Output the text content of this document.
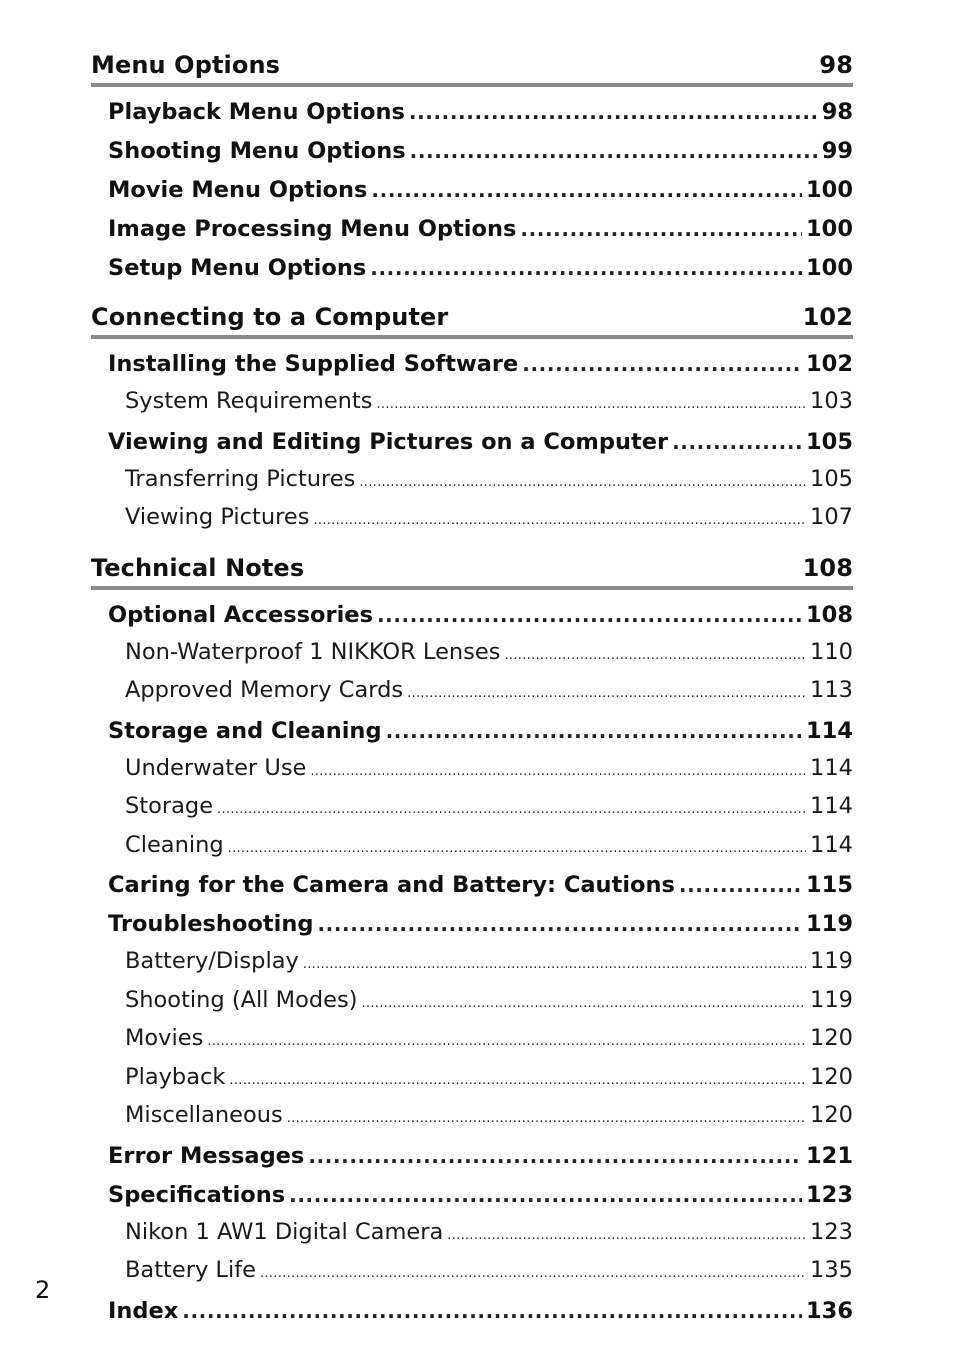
Menu Options	98
Playback Menu Options .....	98
Shooting Menu Options .....	99
Movie Menu Options .....	100
Image Processing Menu Options .....	100
Setup Menu Options .....	100
Connecting to a Computer	102
Installing the Supplied Software .....	102
System Requirements .....	103
Viewing and Editing Pictures on a Computer .....	105
Transferring Pictures .....	105
Viewing Pictures .....	107
Technical Notes	108
Optional Accessories .....	108
Non-Waterproof 1 NIKKOR Lenses .....	110
Approved Memory Cards .....	113
Storage and Cleaning .....	114
Underwater Use .....	114
Storage .....	114
Cleaning .....	114
Caring for the Camera and Battery: Cautions .....	115
Troubleshooting .....	119
Battery/Display .....	119
Shooting (All Modes) .....	119
Movies .....	120
Playback .....	120
Miscellaneous .....	120
Error Messages .....	121
Specifications .....	123
Nikon 1 AW1 Digital Camera .....	123
Battery Life .....	135
Index .....	136
2
